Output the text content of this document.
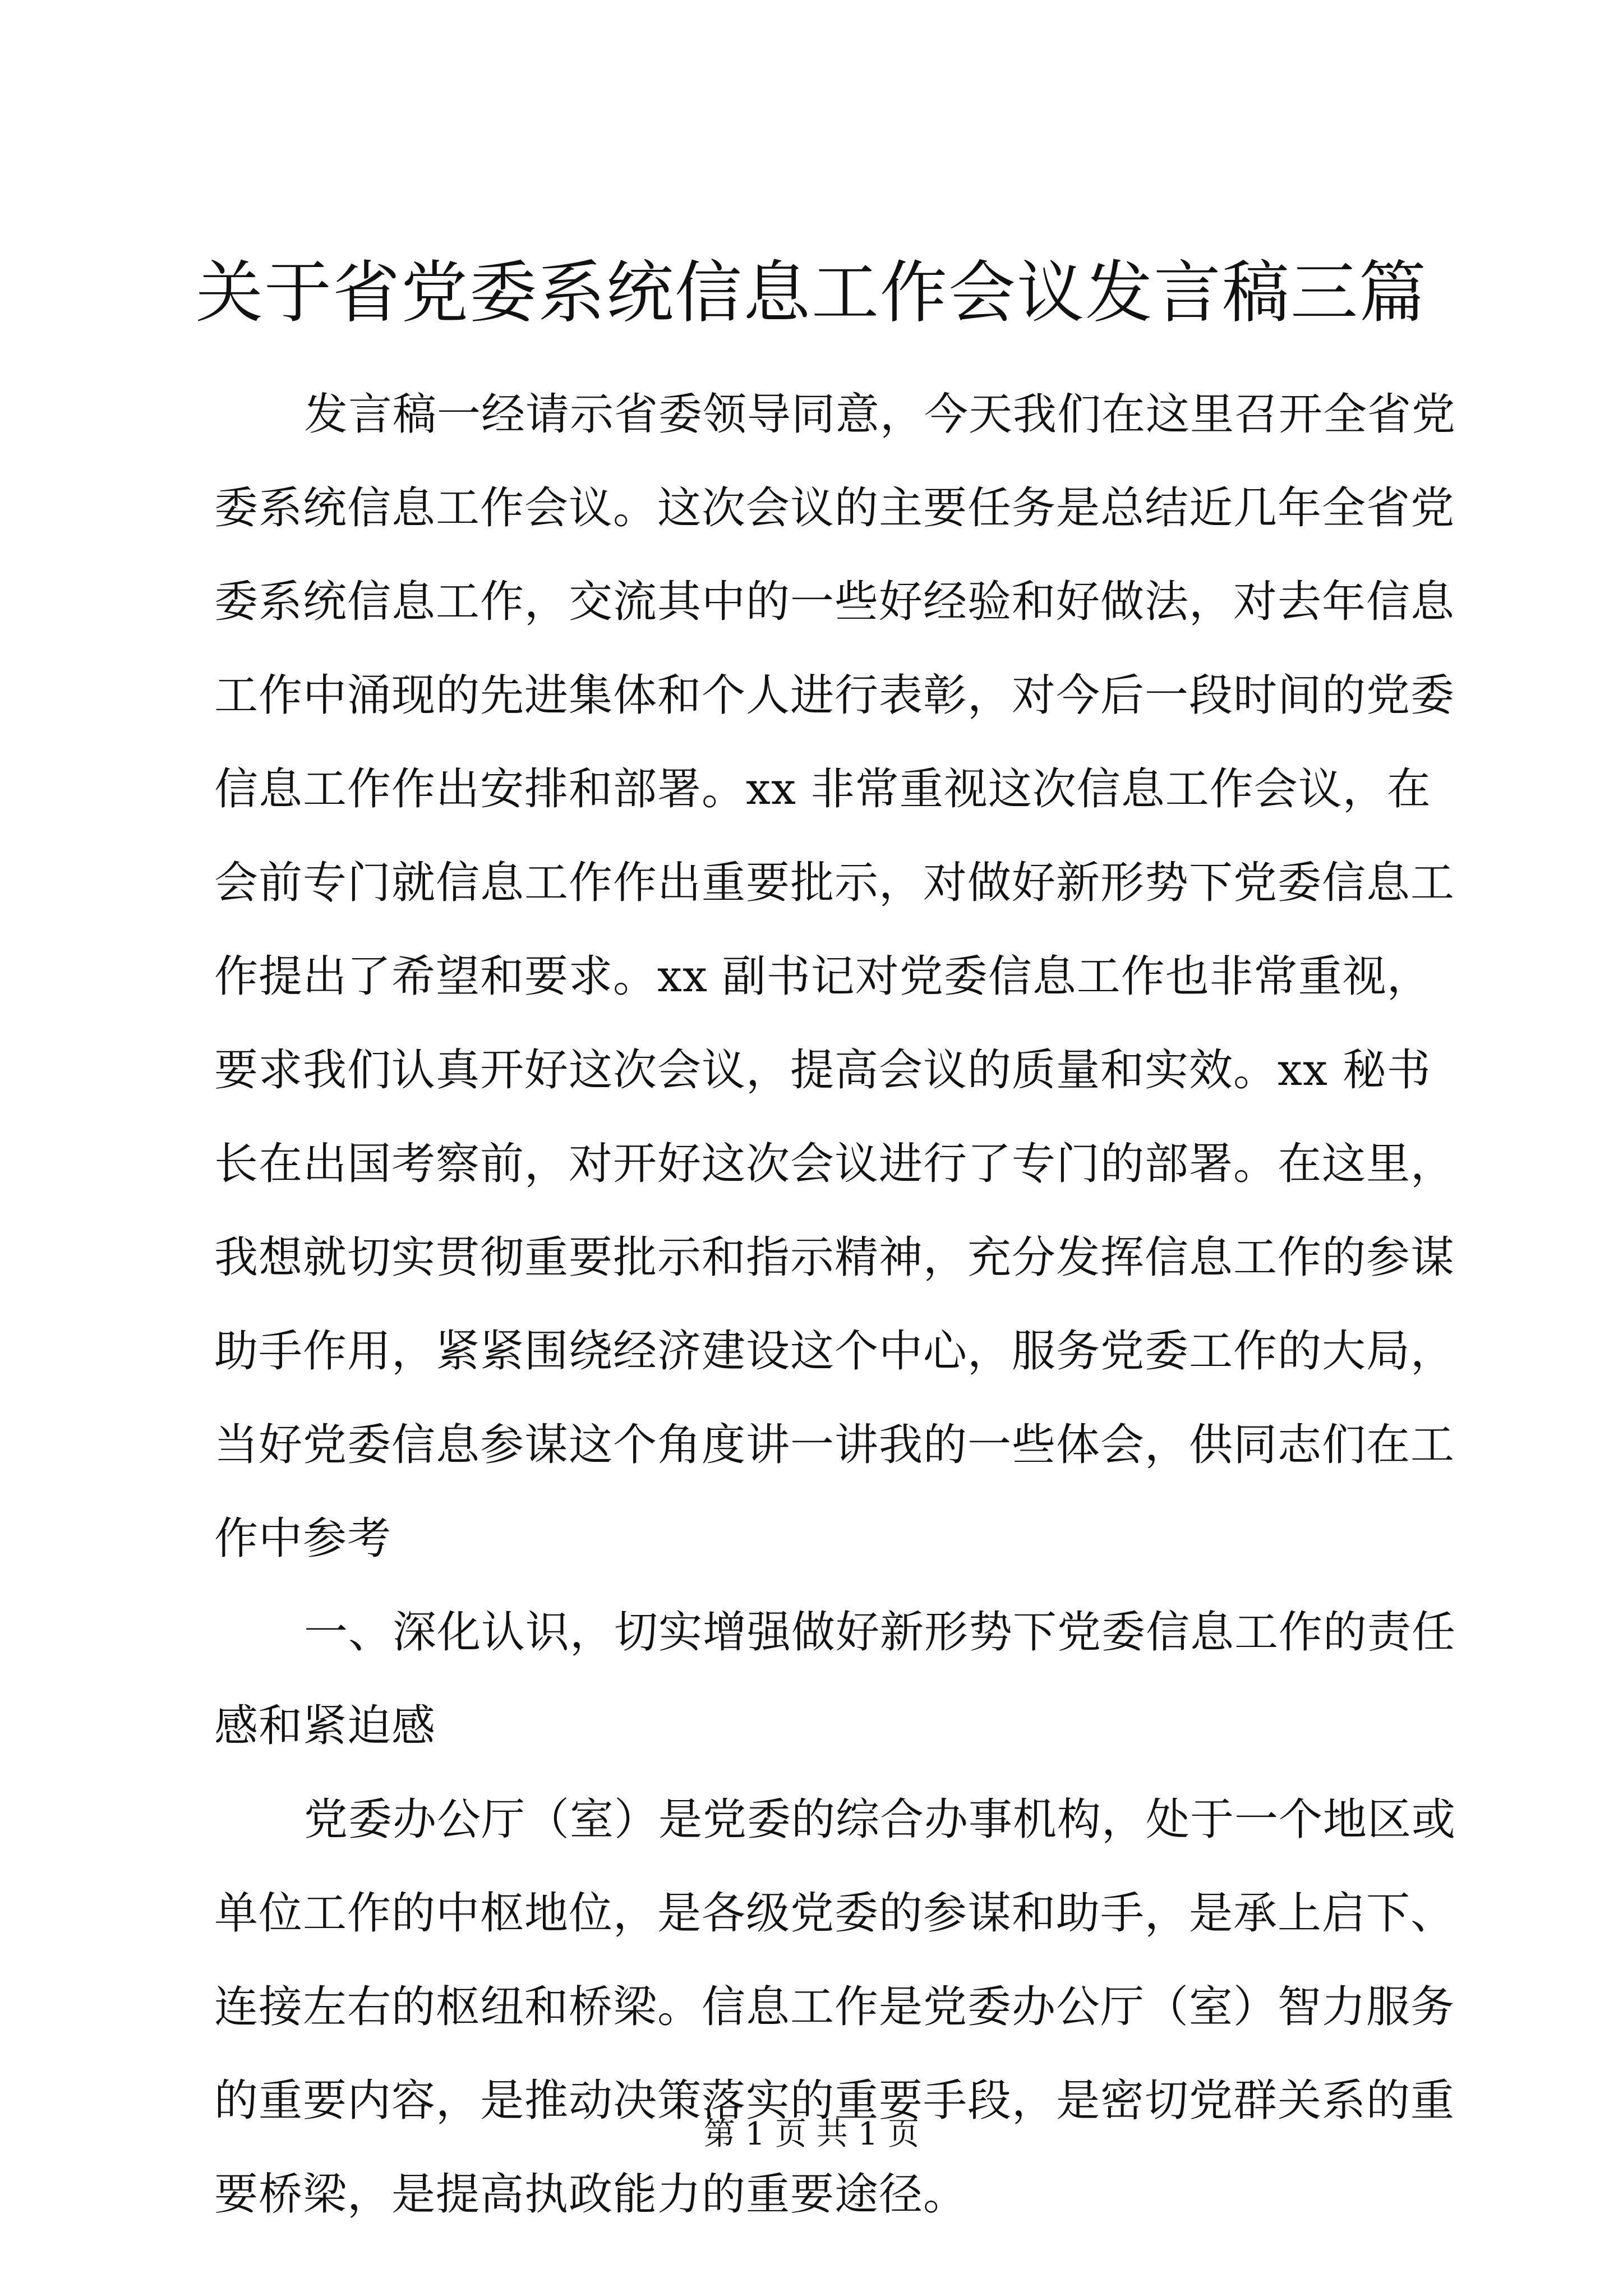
关于省党委系统信息工作会议发言稿三篇
发言稿一经请示省委领导同意，今天我们在这里召开全省党
委系统信息工作会议。这次会议的主要任务是总结近几年全省党
委系统信息工作，交流其中的一些好经验和好做法，对去年信息
工作中涌现的先进集体和个人进行表彰，对今后一段时间的党委
信息工作作出安排和部署。xx 非常重视这次信息工作会议，在
会前专门就信息工作作出重要批示，对做好新形势下党委信息工
作提出了希望和要求。xx 副书记对党委信息工作也非常重视，
要求我们认真开好这次会议，提高会议的质量和实效。xx 秘书
长在出国考察前，对开好这次会议进行了专门的部署。在这里，
我想就切实贯彻重要批示和指示精神，充分发挥信息工作的参谋
助手作用，紧紧围绕经济建设这个中心，服务党委工作的大局，
当好党委信息参谋这个角度讲一讲我的一些体会，供同志们在工
作中参考
一、深化认识，切实增强做好新形势下党委信息工作的责任
感和紧迫感
党委办公厅（室）是党委的综合办事机构，处于一个地区或
单位工作的中枢地位，是各级党委的参谋和助手，是承上启下、
连接左右的枢纽和桥梁。信息工作是党委办公厅（室）智力服务
的重要内容，是推动决策落实的重要手段，是密切党群关系的重
要桥梁，是提高执政能力的重要途径。
第 1 页 共 1 页
